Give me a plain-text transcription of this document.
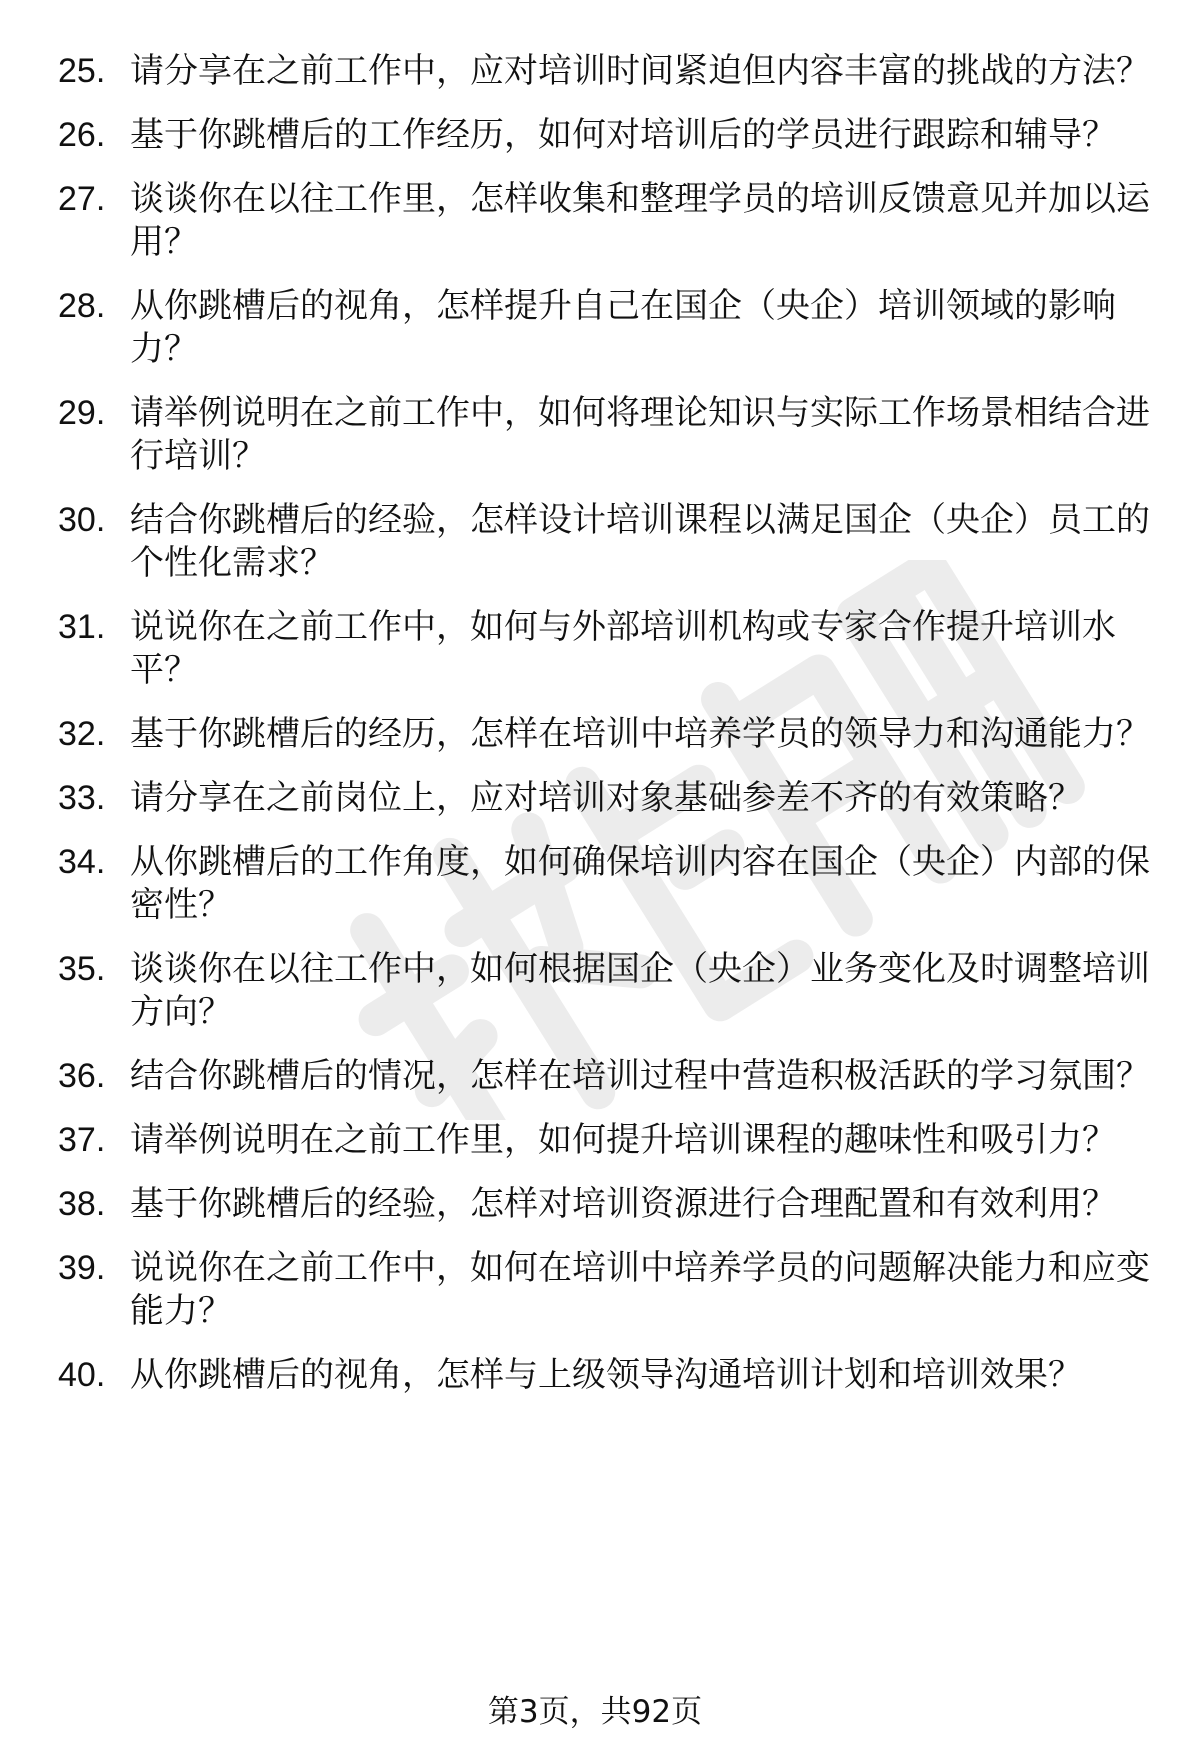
25. 请分享在之前工作中，应对培训时间紧迫但内容丰富的挑战的方法？
26. 基于你跳槽后的工作经历，如何对培训后的学员进行跟踪和辅导？
27. 谈谈你在以往工作里，怎样收集和整理学员的培训反馈意见并加以运用？
28. 从你跳槽后的视角，怎样提升自己在国企（央企）培训领域的影响力？
29. 请举例说明在之前工作中，如何将理论知识与实际工作场景相结合进行培训？
30. 结合你跳槽后的经验，怎样设计培训课程以满足国企（央企）员工的个性化需求？
31. 说说你在之前工作中，如何与外部培训机构或专家合作提升培训水平？
32. 基于你跳槽后的经历，怎样在培训中培养学员的领导力和沟通能力？
33. 请分享在之前岗位上，应对培训对象基础参差不齐的有效策略？
34. 从你跳槽后的工作角度，如何确保培训内容在国企（央企）内部的保密性？
35. 谈谈你在以往工作中，如何根据国企（央企）业务变化及时调整培训方向？
36. 结合你跳槽后的情况，怎样在培训过程中营造积极活跃的学习氛围？
37. 请举例说明在之前工作里，如何提升培训课程的趣味性和吸引力？
38. 基于你跳槽后的经验，怎样对培训资源进行合理配置和有效利用？
39. 说说你在之前工作中，如何在培训中培养学员的问题解决能力和应变能力？
40. 从你跳槽后的视角，怎样与上级领导沟通培训计划和培训效果？
第3页，共92页
